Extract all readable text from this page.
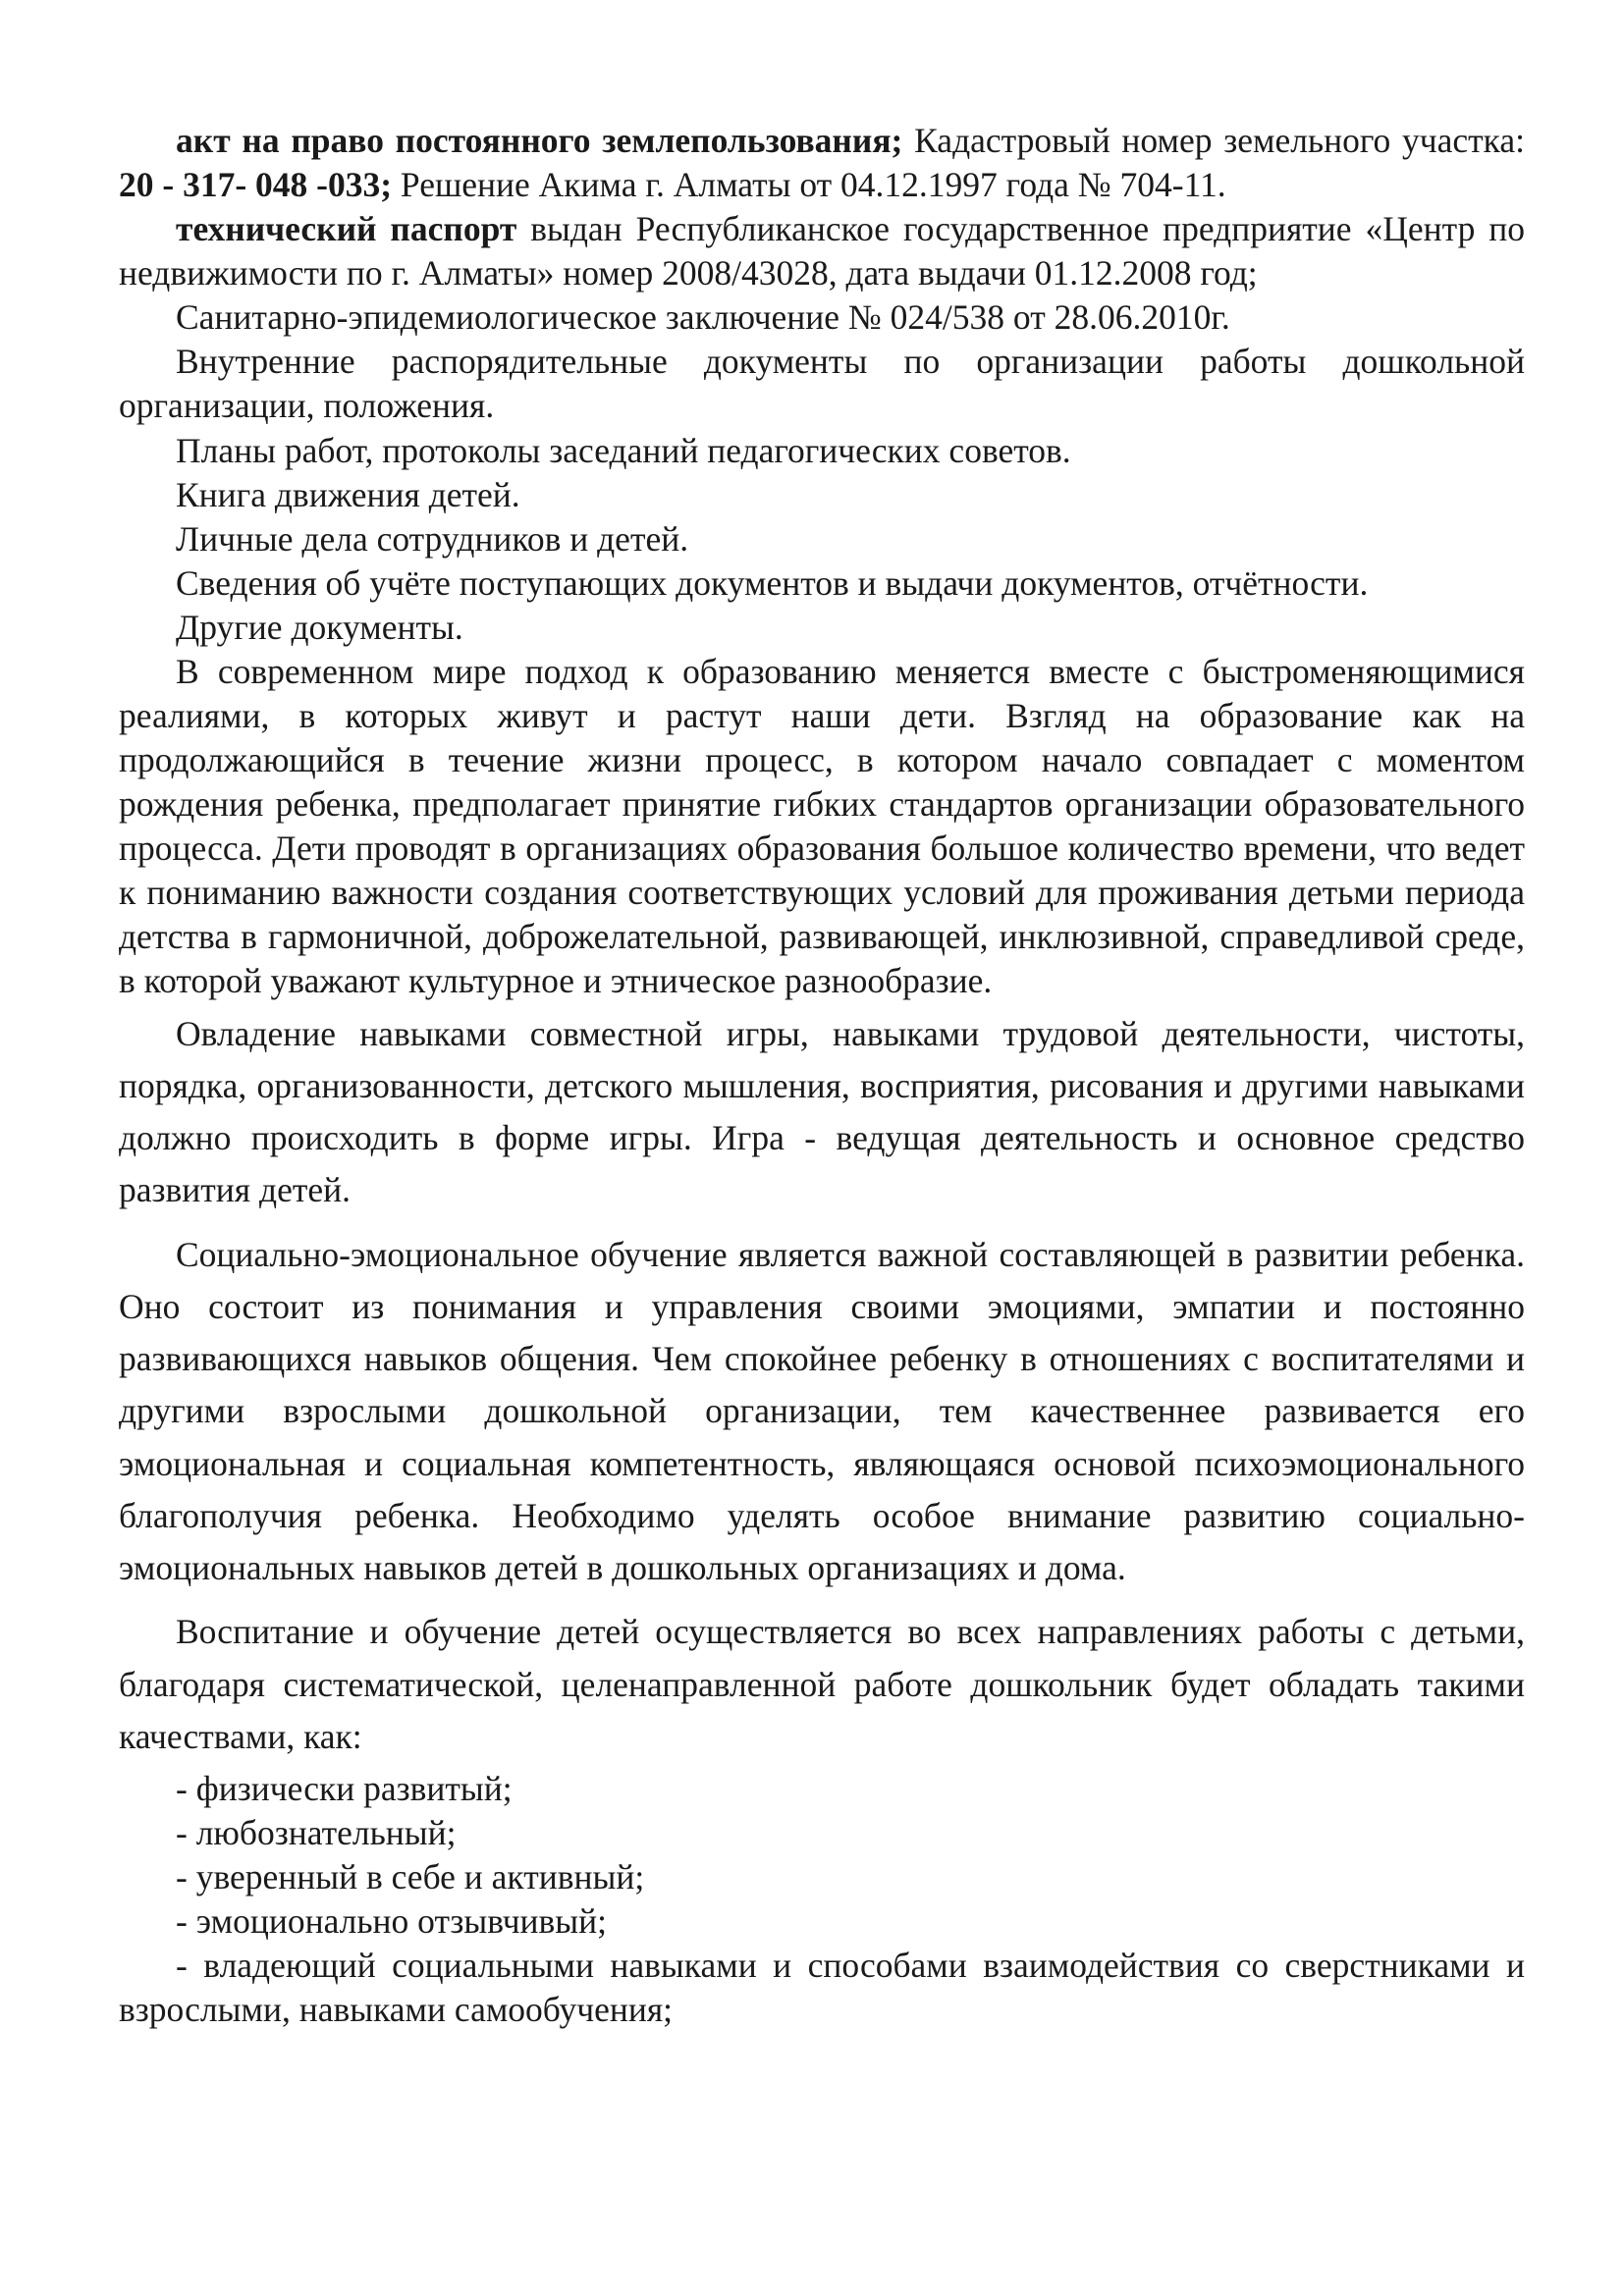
акт на право постоянного землепользования; Кадастровый номер земельного участка: 20 - 317- 048 -033; Решение Акима г. Алматы от 04.12.1997 года № 704-11.

технический паспорт выдан Республиканское государственное предприятие «Центр по недвижимости по г. Алматы» номер 2008/43028, дата выдачи 01.12.2008 год;

Санитарно-эпидемиологическое заключение № 024/538 от 28.06.2010г.

Внутренние распорядительные документы по организации работы дошкольной организации, положения.

Планы работ, протоколы заседаний педагогических советов.

Книга движения детей.

Личные дела сотрудников и детей.

Сведения об учёте поступающих документов и выдачи документов, отчётности.

Другие документы.

В современном мире подход к образованию меняется вместе с быстроменяющимися реалиями, в которых живут и растут наши дети. Взгляд на образование как на продолжающийся в течение жизни процесс, в котором начало совпадает с моментом рождения ребенка, предполагает принятие гибких стандартов организации образовательного процесса. Дети проводят в организациях образования большое количество времени, что ведет к пониманию важности создания соответствующих условий для проживания детьми периода детства в гармоничной, доброжелательной, развивающей, инклюзивной, справедливой среде, в которой уважают культурное и этническое разнообразие.

Овладение навыками совместной игры, навыками трудовой деятельности, чистоты, порядка, организованности, детского мышления, восприятия, рисования и другими навыками должно происходить в форме игры. Игра - ведущая деятельность и основное средство развития детей.

Социально-эмоциональное обучение является важной составляющей в развитии ребенка. Оно состоит из понимания и управления своими эмоциями, эмпатии и постоянно развивающихся навыков общения. Чем спокойнее ребенку в отношениях с воспитателями и другими взрослыми дошкольной организации, тем качественнее развивается его эмоциональная и социальная компетентность, являющаяся основой психоэмоционального благополучия ребенка. Необходимо уделять особое внимание развитию социально-эмоциональных навыков детей в дошкольных организациях и дома.

Воспитание и обучение детей осуществляется во всех направлениях работы с детьми, благодаря систематической, целенаправленной работе дошкольник будет обладать такими качествами, как:

- физически развитый;

- любознательный;

- уверенный в себе и активный;

- эмоционально отзывчивый;

- владеющий социальными навыками и способами взаимодействия со сверстниками и взрослыми, навыками самообучения;
